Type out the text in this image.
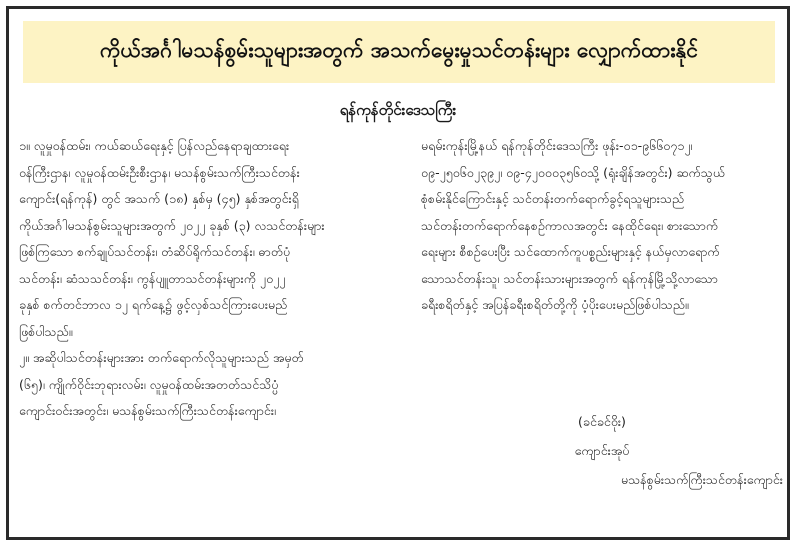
ကိုယ်အင်္ဂါမသန်စွမ်းသူများအတွက် အသက်မွေးမှုသင်တန်းများ လျှောက်ထားနိုင်
ရန်ကုန်တိုင်းဒေသကြီး
၁။ လူမှုဝန်ထမ်း၊ ကယ်ဆယ်ရေးနှင့် ပြန်လည်နေရာချထားရေး
ဝန်ကြီးဌာန၊ လူမှုဝန်ထမ်းဦးစီးဌာန၊ မသန်စွမ်းသက်ကြီးသင်တန်း
ကျောင်း(ရန်ကုန်) တွင် အသက် (၁၈) နှစ်မှ (၄၅) နှစ်အတွင်းရှိ
ကိုယ်အင်္ဂါမသန်စွမ်းသူများအတွက် ၂၀၂၂ ခုနှစ် (၃) လသင်တန်းများ
ဖြစ်ကြသော စက်ချုပ်သင်တန်း၊ တံဆိပ်ရိုက်သင်တန်း၊ ဓာတ်ပုံ
သင်တန်း၊ ဆံသသင်တန်း၊ ကွန်ပျူတာသင်တန်းများကို ၂၀၂၂
ခုနှစ် စက်တင်ဘာလ ၁၂ ရက်နေ့၌ ဖွင့်လှစ်သင်ကြားပေးမည်
ဖြစ်ပါသည်။
၂။ အဆိုပါသင်တန်းများအား တက်ရောက်လိုသူများသည် အမှတ်
(၆၅)၊ ကျိုက်ဝိုင်းဘုရားလမ်း၊ လူမှုဝန်ထမ်းအတတ်သင်သိပ္ပံ
ကျောင်းဝင်းအတွင်း၊ မသန်စွမ်းသက်ကြီးသင်တန်းကျောင်း၊
မရမ်းကုန်းမြို့နယ် ရန်ကုန်တိုင်းဒေသကြီး ဖုန်း-၀၁-၉၆၆၀၇၁၂၊
၀၉-၂၅၀၆၀၂၃၉၂၊ ၀၉-၄၂၀၀၀၃၅၆၀သို့ (ရုံးချိန်အတွင်း) ဆက်သွယ်
စုံစမ်းနိုင်ကြောင်းနှင့် သင်တန်းတက်ရောက်ခွင့်ရသူများသည်
သင်တန်းတက်ရောက်နေစဉ်ကာလအတွင်း နေထိုင်ရေး၊ စားသောက်
ရေးများ စီစဉ်ပေးပြီး သင်ထောက်ကူပစ္စည်းများနှင့် နယ်မှလာရောက်
သောသင်တန်းသူ၊ သင်တန်းသားများအတွက် ရန်ကုန်မြို့သို့လာသော
ခရီးစရိတ်နှင့် အပြန်ခရီးစရိတ်တို့ကို ပံ့ပိုးပေးမည်ဖြစ်ပါသည်။
(ခင်ခင်ဝိုး)
ကျောင်းအုပ်
မသန်စွမ်းသက်ကြီးသင်တန်းကျောင်း
